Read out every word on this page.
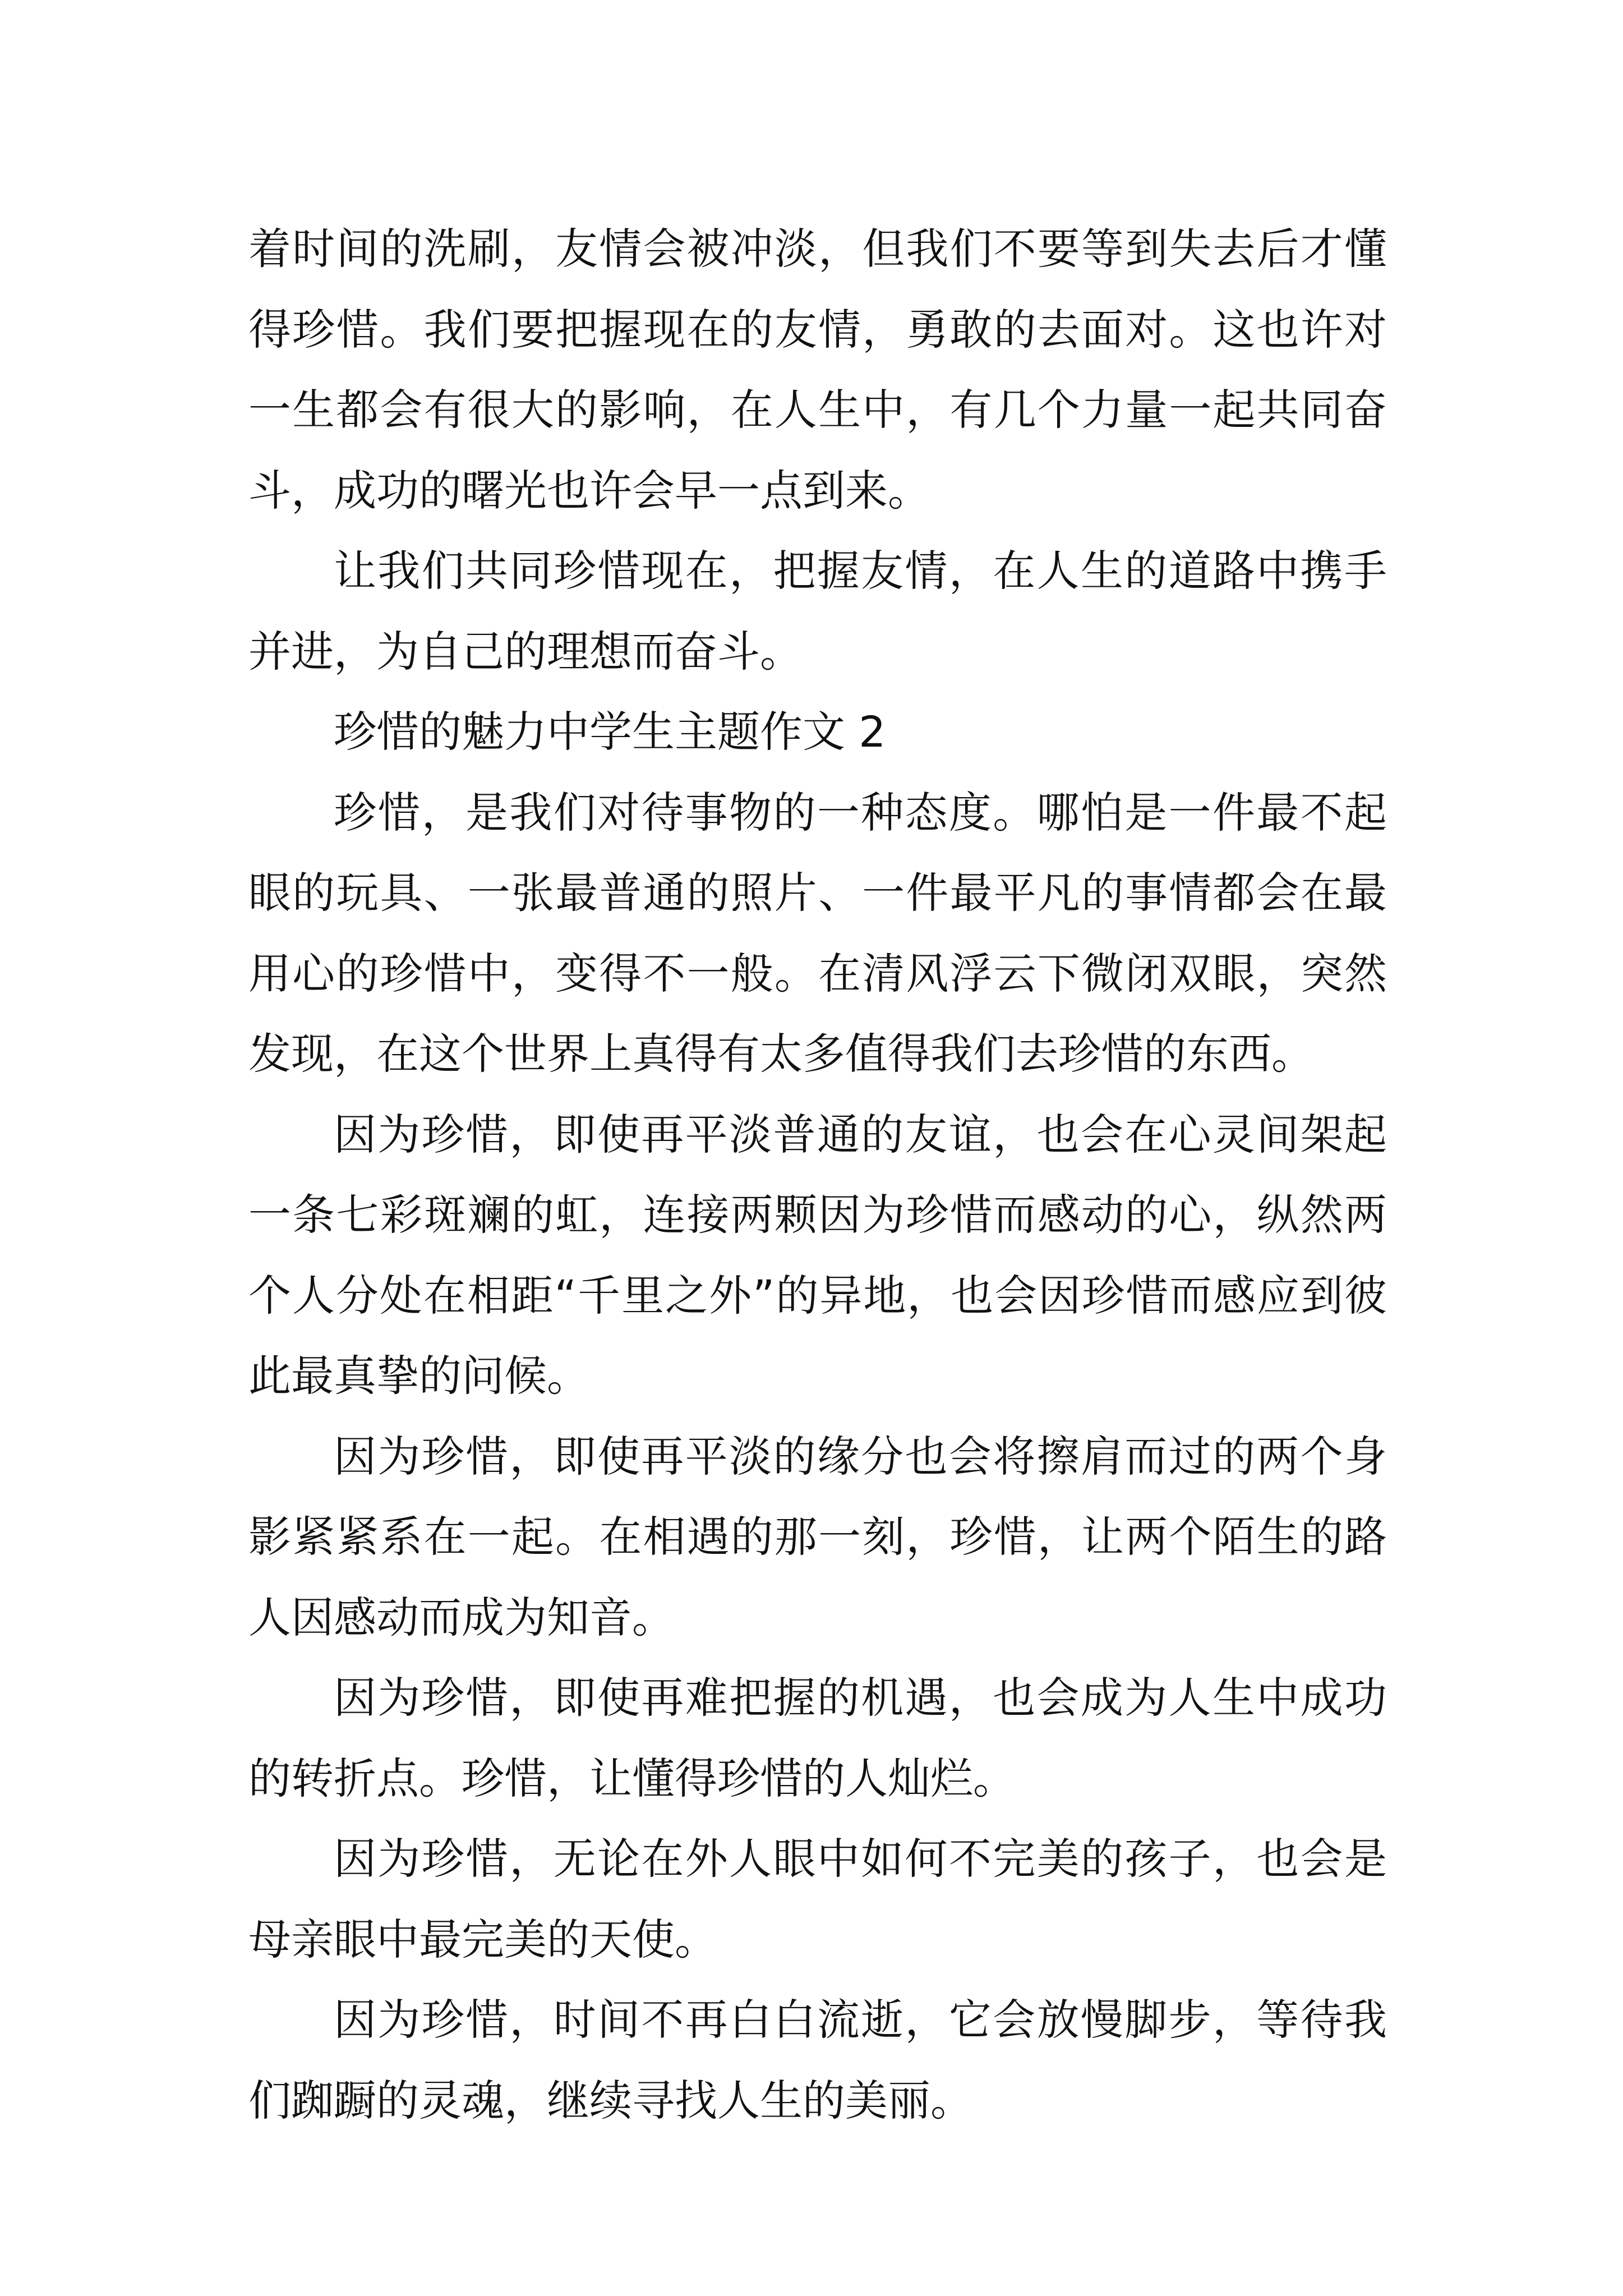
着时间的洗刷，友情会被冲淡，但我们不要等到失去后才懂得珍惜。我们要把握现在的友情，勇敢的去面对。这也许对一生都会有很大的影响，在人生中，有几个力量一起共同奋斗，成功的曙光也许会早一点到来。

让我们共同珍惜现在，把握友情，在人生的道路中携手并进，为自己的理想而奋斗。

珍惜的魅力中学生主题作文 2

珍惜，是我们对待事物的一种态度。哪怕是一件最不起眼的玩具、一张最普通的照片、一件最平凡的事情都会在最用心的珍惜中，变得不一般。在清风浮云下微闭双眼，突然发现，在这个世界上真得有太多值得我们去珍惜的东西。

因为珍惜，即使再平淡普通的友谊，也会在心灵间架起一条七彩斑斓的虹，连接两颗因为珍惜而感动的心，纵然两个人分处在相距“千里之外”的异地，也会因珍惜而感应到彼此最真挚的问候。

因为珍惜，即使再平淡的缘分也会将擦肩而过的两个身影紧紧系在一起。在相遇的那一刻，珍惜，让两个陌生的路人因感动而成为知音。

因为珍惜，即使再难把握的机遇，也会成为人生中成功的转折点。珍惜，让懂得珍惜的人灿烂。

因为珍惜，无论在外人眼中如何不完美的孩子，也会是母亲眼中最完美的天使。

因为珍惜，时间不再白白流逝，它会放慢脚步，等待我们踟蹰的灵魂，继续寻找人生的美丽。
